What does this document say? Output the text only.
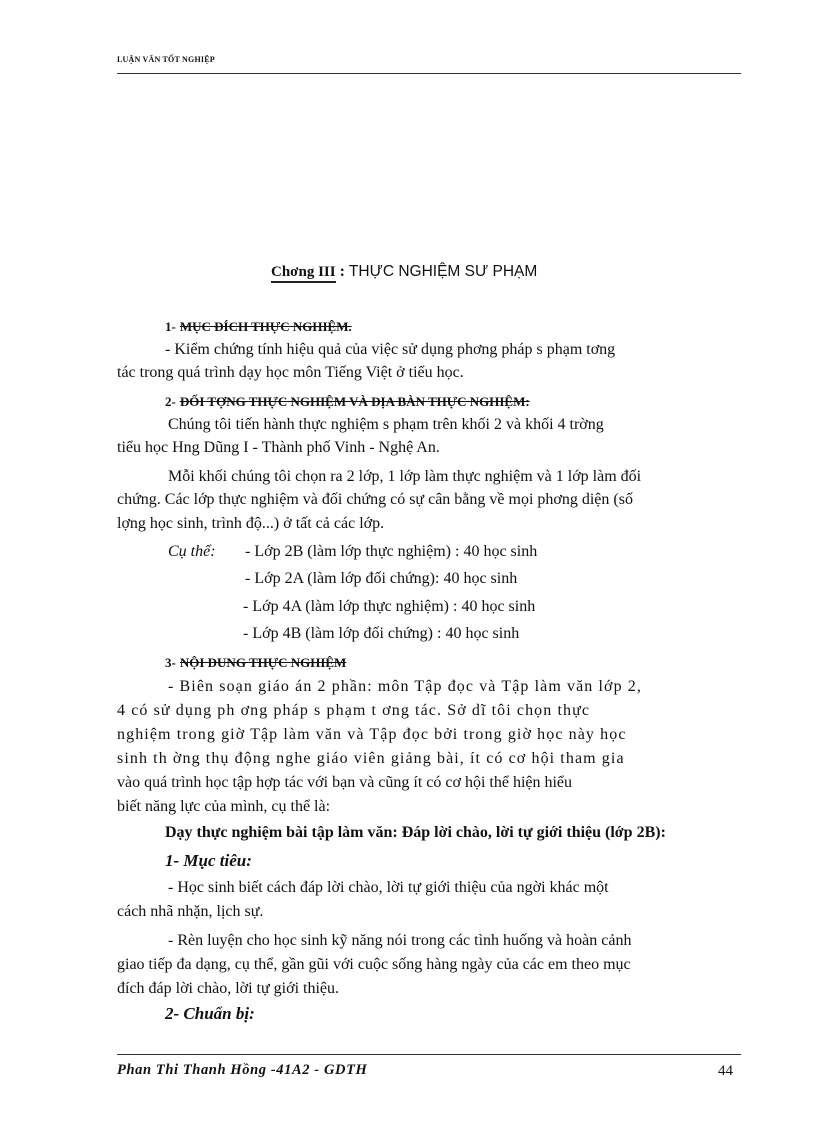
LUẬN VĂN TỐT NGHIỆP
Chơng III : THỰC NGHIỆM SƯ PHẠM
1- MỤC ĐÍCH THỰC NGHIỆM.
- Kiểm chứng tính hiệu quả của việc sử dụng phơng pháp s phạm tơng
tác trong quá trình dạy học môn Tiếng Việt ở tiểu học.
2- ĐỐI TỢNG THỰC NGHIỆM VÀ ĐỊA BÀN THỰC NGHIỆM:
Chúng tôi tiến hành thực nghiệm s phạm trên khối 2 và khối 4 trờng
tiểu học Hng Dũng I - Thành phố Vinh - Nghệ An.
Mỗi khối chúng tôi chọn ra 2 lớp, 1 lớp làm thực nghiệm và 1 lớp làm đối
chứng. Các lớp thực nghiệm và đối chứng có sự cân bằng về mọi phơng diện (số
lợng học sinh, trình độ...) ở tất cả các lớp.
Cụ thể: - Lớp 2B (làm lớp thực nghiệm) : 40 học sinh
- Lớp 2A (làm lớp đối chứng): 40 học sinh
- Lớp 4A (làm lớp thực nghiệm) : 40 học sinh
- Lớp 4B (làm lớp đối chứng) : 40 học sinh
3- NỘI DUNG THỰC NGHIỆM
- Biên soạn giáo án 2 phần: môn Tập đọc và Tập làm văn lớp 2,
4 có sử dụng ph ơng pháp s phạm t ơng tác. Sở dĩ tôi chọn thực
nghiệm trong giờ Tập làm văn và Tập đọc bởi trong giờ học này học
sinh th ờng thụ động nghe giáo viên giảng bài, ít có cơ hội tham gia
vào quá trình học tập hợp tác với bạn và cũng ít có cơ hội thể hiện hiểu
biết năng lực của mình, cụ thể là:
Dạy thực nghiệm bài tập làm văn: Đáp lời chào, lời tự giới thiệu (lớp 2B):
1- Mục tiêu:
- Học sinh biết cách đáp lời chào, lời tự giới thiệu của ngời khác một
cách nhã nhặn, lịch sự.
- Rèn luyện cho học sinh kỹ năng nói trong các tình huống và hoàn cảnh
giao tiếp đa dạng, cụ thể, gần gũi với cuộc sống hàng ngày của các em theo mục
đích đáp lời chào, lời tự giới thiệu.
2- Chuẩn bị:
Phan Thi Thanh Hồng -41A2 - GDTH	44
